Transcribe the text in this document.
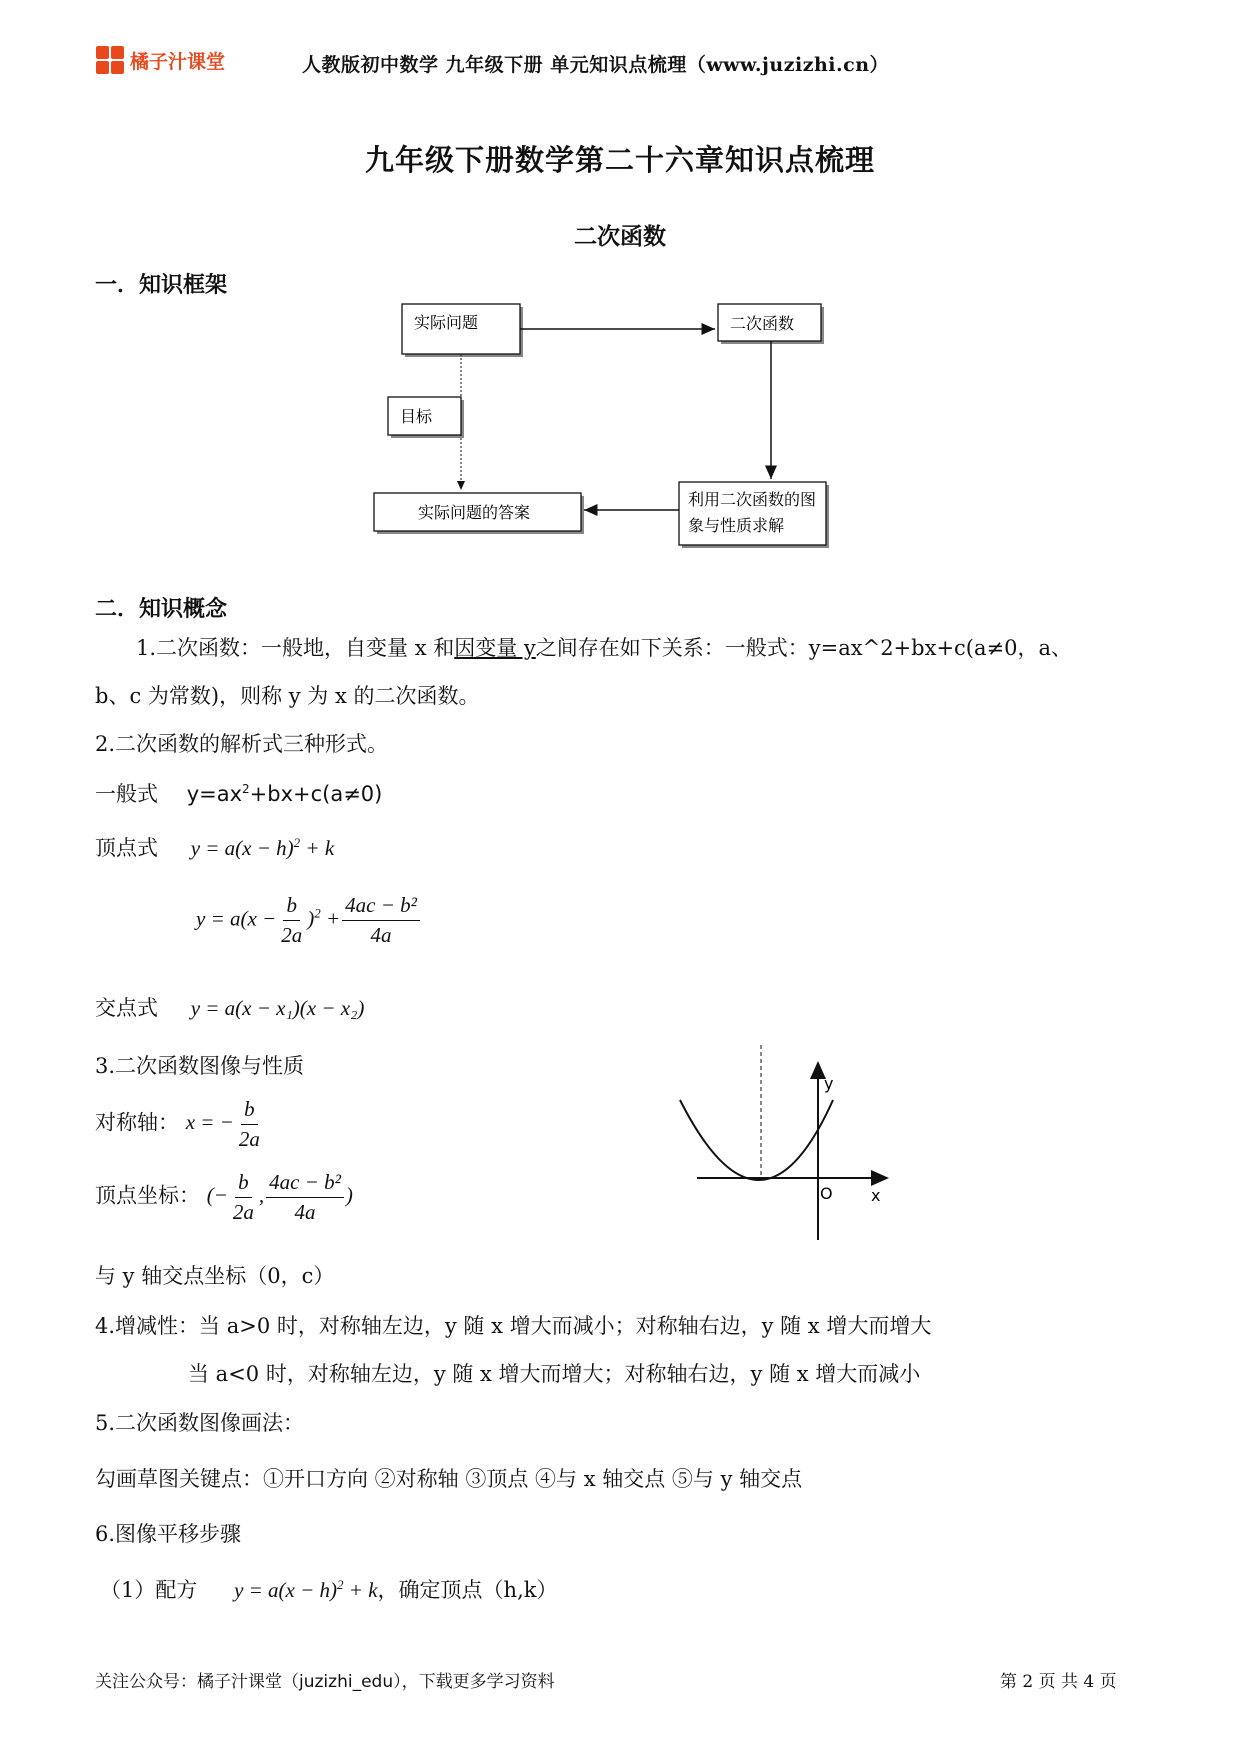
橘子汁课堂	人教版初中数学 九年级下册 单元知识点梳理（www.juzizhi.cn）
九年级下册数学第二十六章知识点梳理
二次函数
一．知识框架
实际问题	二次函数
目标
实际问题的答案
利用二次函数的图
象与性质求解
二．知识概念
1.二次函数：一般地，自变量 x 和因变量 y之间存在如下关系：一般式：y=ax^2+bx+c(a≠0，a、
b、c 为常数)，则称 y 为 x 的二次函数。
2.二次函数的解析式三种形式。
一般式 $y=ax^2+bx+c(a\ne 0)$
顶点式 $y = a(x - h)^2 + k$
$y = a(x - \frac{b}{2a} )^2 + \frac{\text{4ac − b²}}{4a}$
交点式 y = a(x − x₁)(x − x₂)
3.二次函数图像与性质
对称轴： x = − $\frac{b}{2a}$
顶点坐标： (− $\frac{b}{2a}$ , $\frac{\text{4ac − b²}}{4a}$ )
y
x
O
与 y 轴交点坐标（0，c）
4.增减性：当 a>0 时，对称轴左边，y 随 x 增大而减小；对称轴右边，y 随 x 增大而增大
当 a<0 时，对称轴左边，y 随 x 增大而增大；对称轴右边，y 随 x 增大而减小
5.二次函数图像画法：
勾画草图关键点：①开口方向 ②对称轴 ③顶点 ④与 x 轴交点 ⑤与 y 轴交点
6.图像平移步骤
（1）配方 $y = a(x - h)^2 + k$，确定顶点（h,k）
关注公众号：橘子汁课堂（juzizhi_edu），下载更多学习资料	第 2 页 共 4 页
